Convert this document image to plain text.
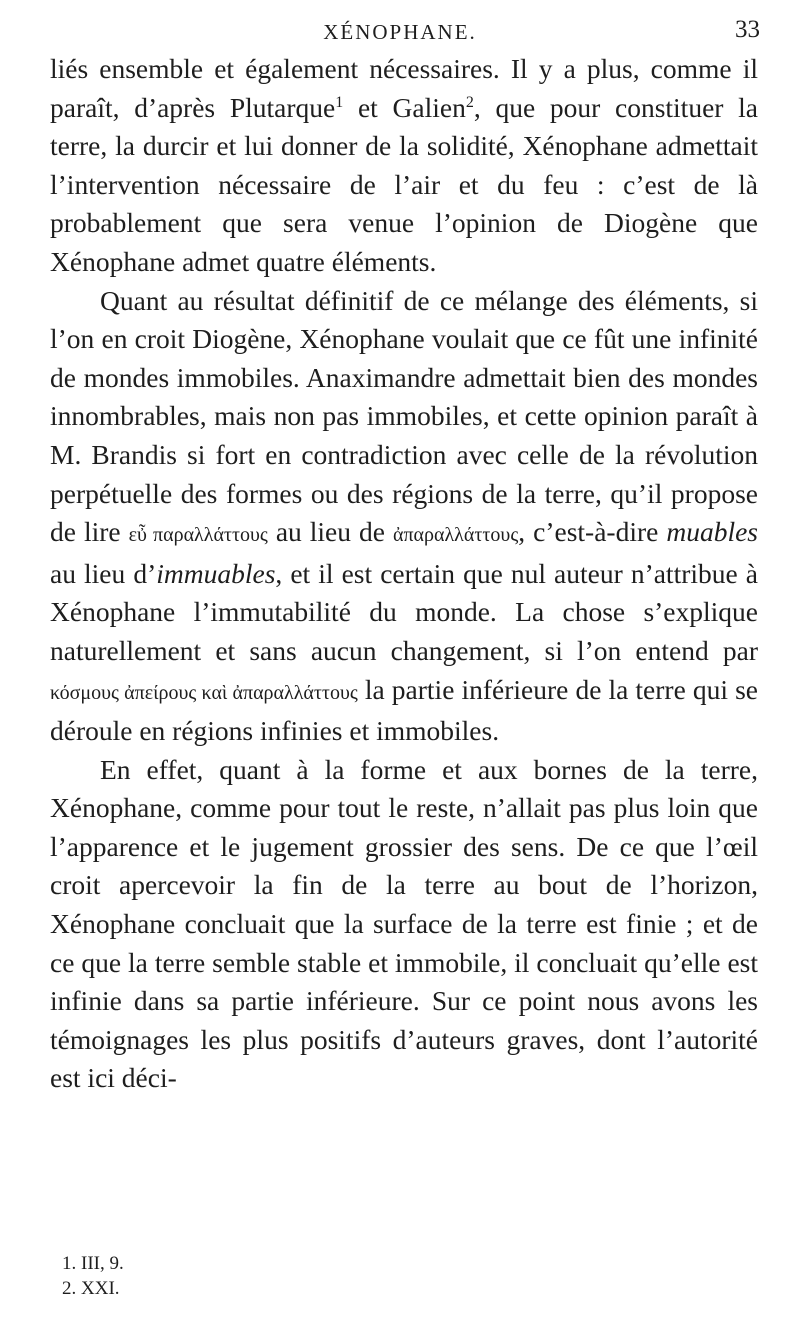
XÉNOPHANE.	33

liés ensemble et également nécessaires. Il y a plus, comme il paraît, d’après Plutarque$^1$ et Galien$^2$, que pour constituer la terre, la durcir et lui donner de la solidité, Xénophane admettait l’intervention nécessaire de l’air et du feu : c’est de là probablement que sera venue l’opinion de Diogène que Xénophane admet quatre éléments.

Quant au résultat définitif de ce mélange des éléments, si l’on en croit Diogène, Xénophane voulait que ce fût une infinité de mondes immobiles. Anaximandre admettait bien des mondes innombrables, mais non pas immobiles, et cette opinion paraît à M. Brandis si fort en contradiction avec celle de la révolution perpétuelle des formes ou des régions de la terre, qu’il propose de lire εὖ παραλλάττους au lieu de ἀπαραλλάττους, c’est-à-dire muables au lieu d’immuables, et il est certain que nul auteur n’attribue à Xénophane l’immutabilité du monde. La chose s’explique naturellement et sans aucun changement, si l’on entend par κόσμους ἀπείρους καὶ ἀπαραλλάττους la partie inférieure de la terre qui se déroule en régions infinies et immobiles.

En effet, quant à la forme et aux bornes de la terre, Xénophane, comme pour tout le reste, n’allait pas plus loin que l’apparence et le jugement grossier des sens. De ce que l’œil croit apercevoir la fin de la terre au bout de l’horizon, Xénophane concluait que la surface de la terre est finie ; et de ce que la terre semble stable et immobile, il concluait qu’elle est infinie dans sa partie inférieure. Sur ce point nous avons les témoignages les plus positifs d’auteurs graves, dont l’autorité est ici déci-

1. III, 9.
2. XXI.
